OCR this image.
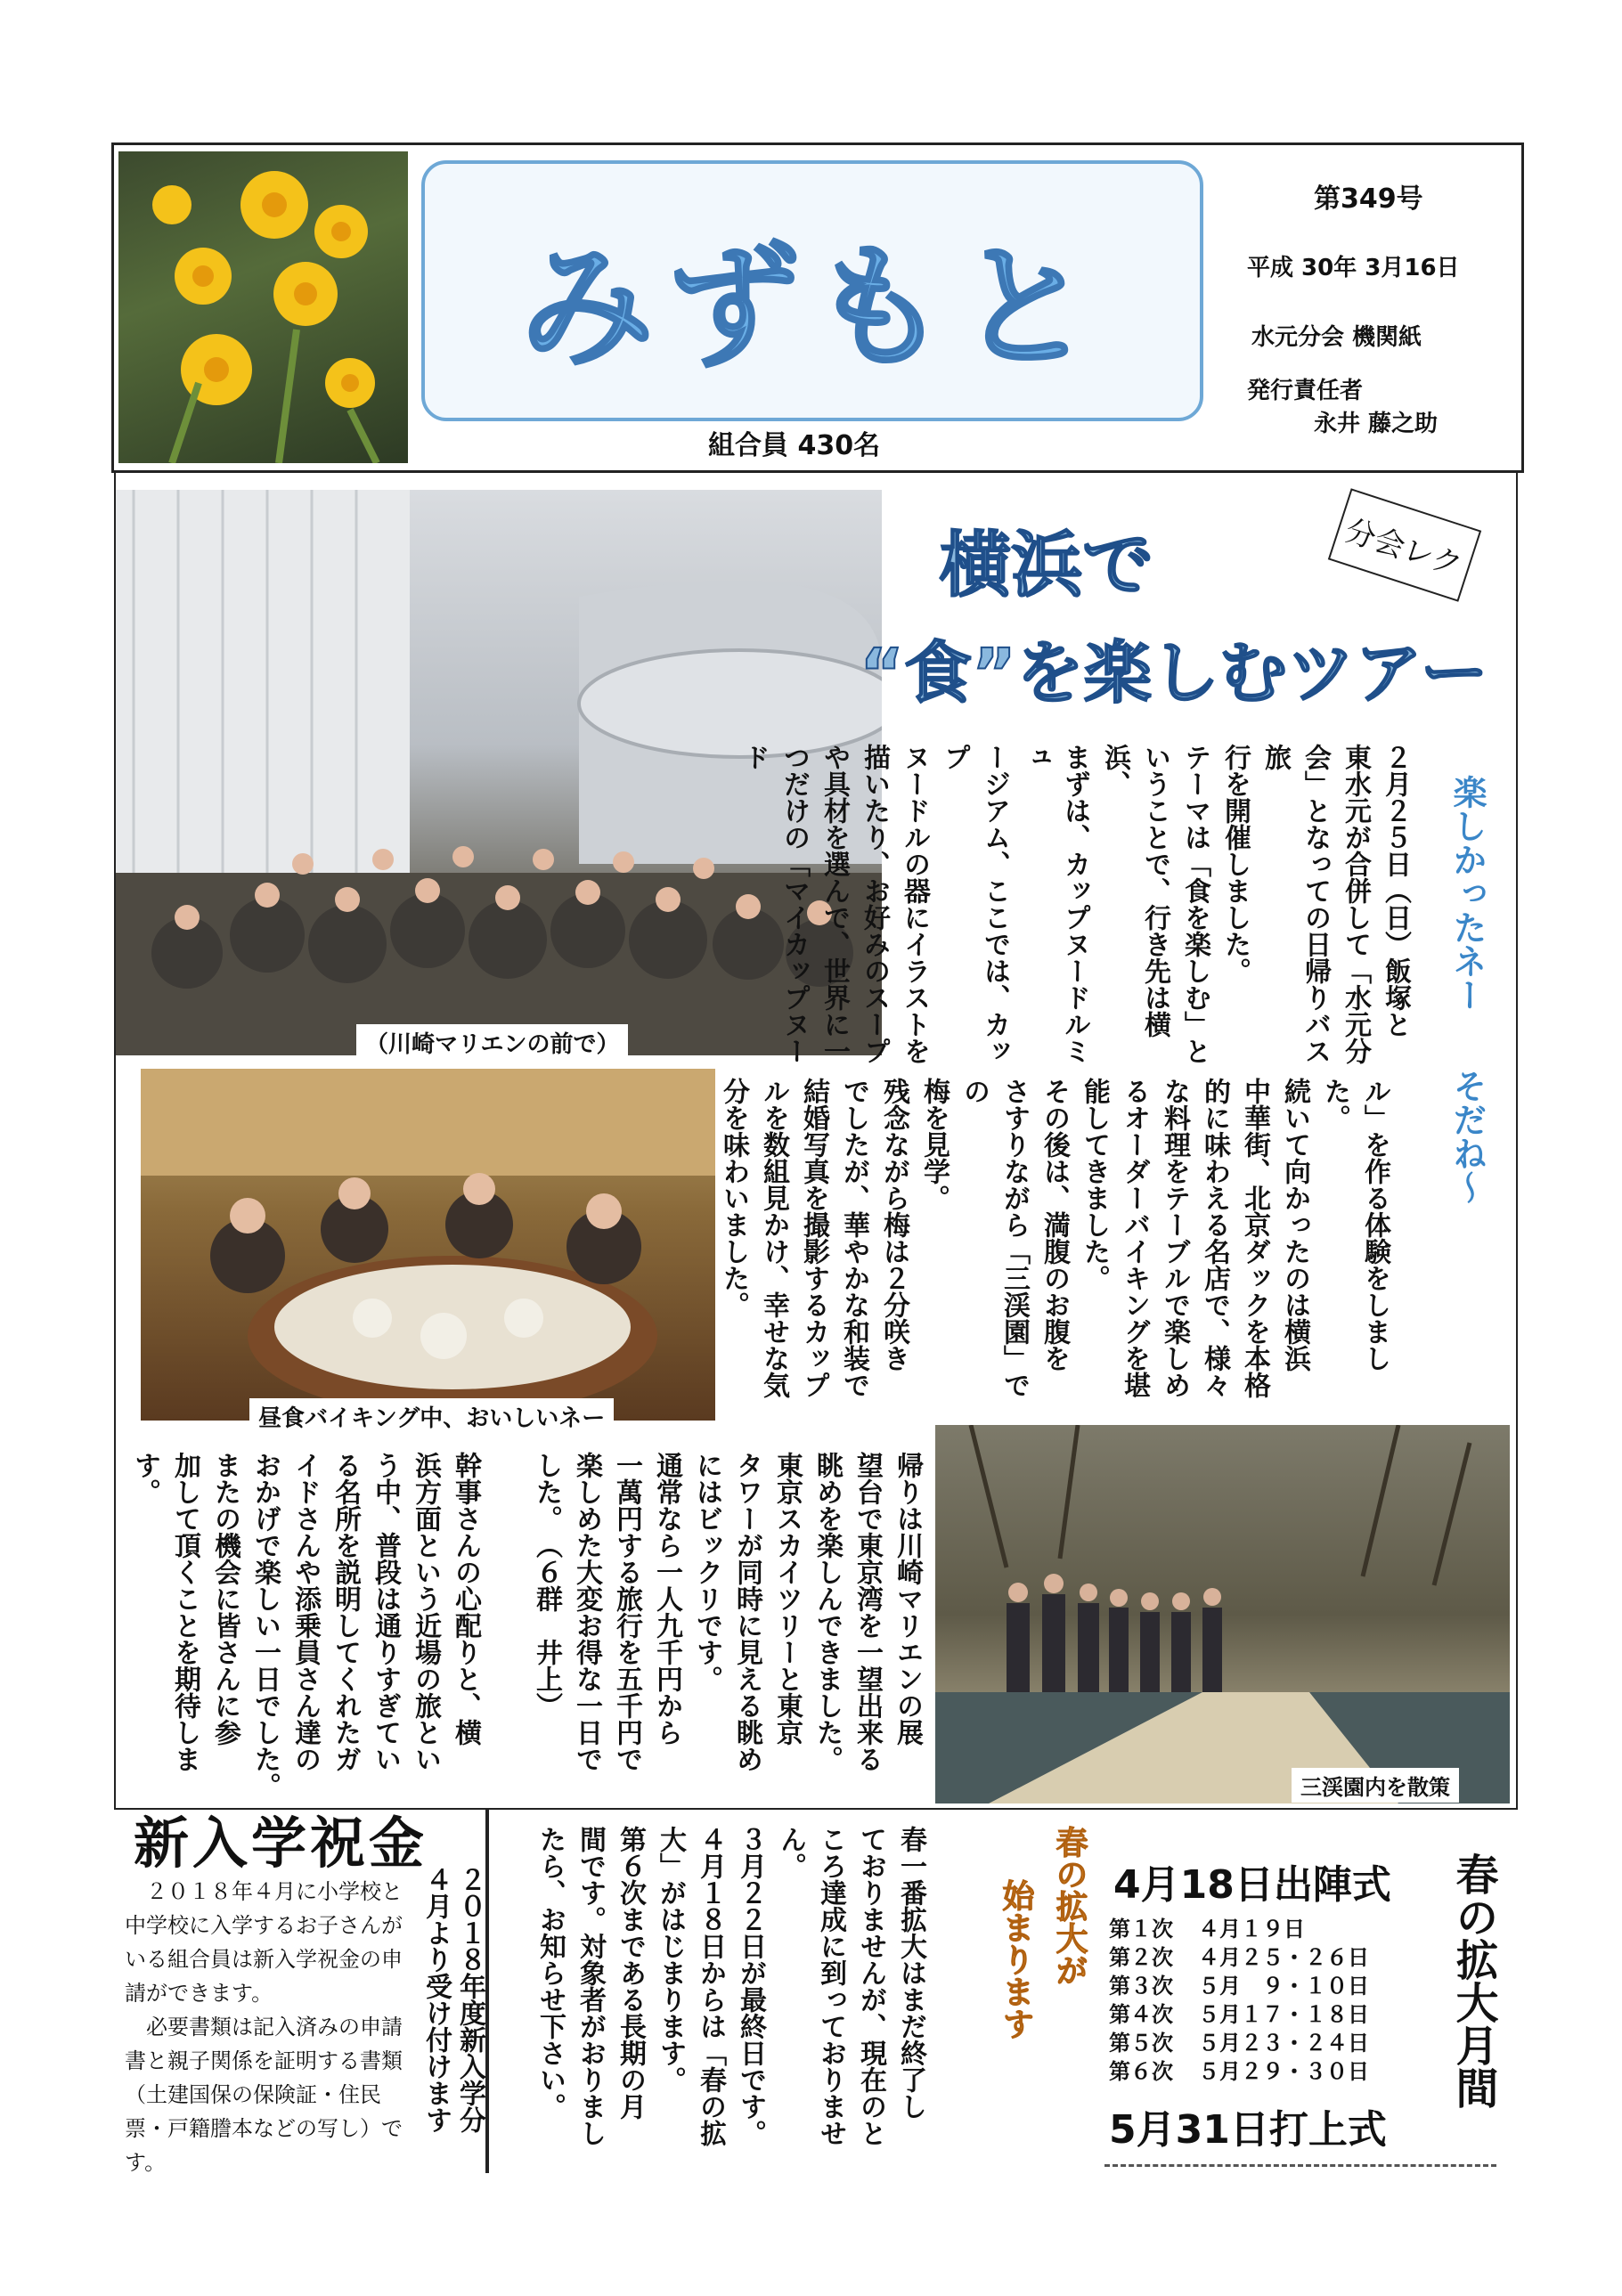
みずもと
第349号
平成 30年 3月16日
水元分会 機関紙
発行責任者
永井 藤之助
組合員 430名
（川崎マリエンの前で）
横浜で
“食”を楽しむツアー
分会レク
２月２５日（日）飯塚と
東水元が合併して「水元分
会」となっての日帰りバス旅
行を開催しました。
テーマは「食を楽しむ」と
いうことで、行き先は横浜、
まずは、カップヌードルミュ
ージアム、ここでは、カップ
ヌードルの器にイラストを
描いたり、お好みのスープ
や具材を選んで、世界に一
つだけの「マイカップヌード
楽しかったネー
そだね〜
ル」を作る体験をしました。
続いて向かったのは横浜
中華街、北京ダックを本格
的に味わえる名店で、様々
な料理をテーブルで楽しめ
るオーダーバイキングを堪
能してきました。
その後は、満腹のお腹を
さすりながら「三渓園」での
梅を見学。
残念ながら梅は２分咲き
でしたが、華やかな和装で
結婚写真を撮影するカップ
ルを数組見かけ、幸せな気
分を味わいました。
昼食バイキング中、おいしいネー
三渓園内を散策
帰りは川崎マリエンの展
望台で東京湾を一望出来る
眺めを楽しんできました。
東京スカイツリーと東京
タワーが同時に見える眺め
にはビックリです。
通常なら一人九千円から
一萬円する旅行を五千円で
楽しめた大変お得な一日で
した。　（６群　井上）
幹事さんの心配りと、横
浜方面という近場の旅とい
う中、普段は通りすぎてい
る名所を説明してくれたガ
イドさんや添乗員さん達の
おかげで楽しい一日でした。
またの機会に皆さんに参
加して頂くことを期待しま
す。
新入学祝金
２０１８年４月に小学校と中学校に入学するお子さんがいる組合員は新入学祝金の申請ができます。
必要書類は記入済みの申請書と親子関係を証明する書類（土建国保の保険証・住民票・戸籍謄本などの写し）です。
２０１８年度新入学分
４月より受け付けます	春一番拡大はまだ終了し
ておりませんが、現在のと
ころ達成に到っておりませ
ん。
３月２２日が最終日です。
４月１８日からは「春の拡
大」がはじまります。
第６次まである長期の月
間です。対象者がおりまし
たら、お知らせ下さい。	春の拡大が
始まります 4月18日出陣式
第１次 ４月１９日
第２次 ４月２５・２６日
第３次 ５月　９・１０日
第４次 ５月１７・１８日
第５次 ５月２３・２４日
第６次 ５月２９・３０日
5月31日打上式
春の拡大月間
